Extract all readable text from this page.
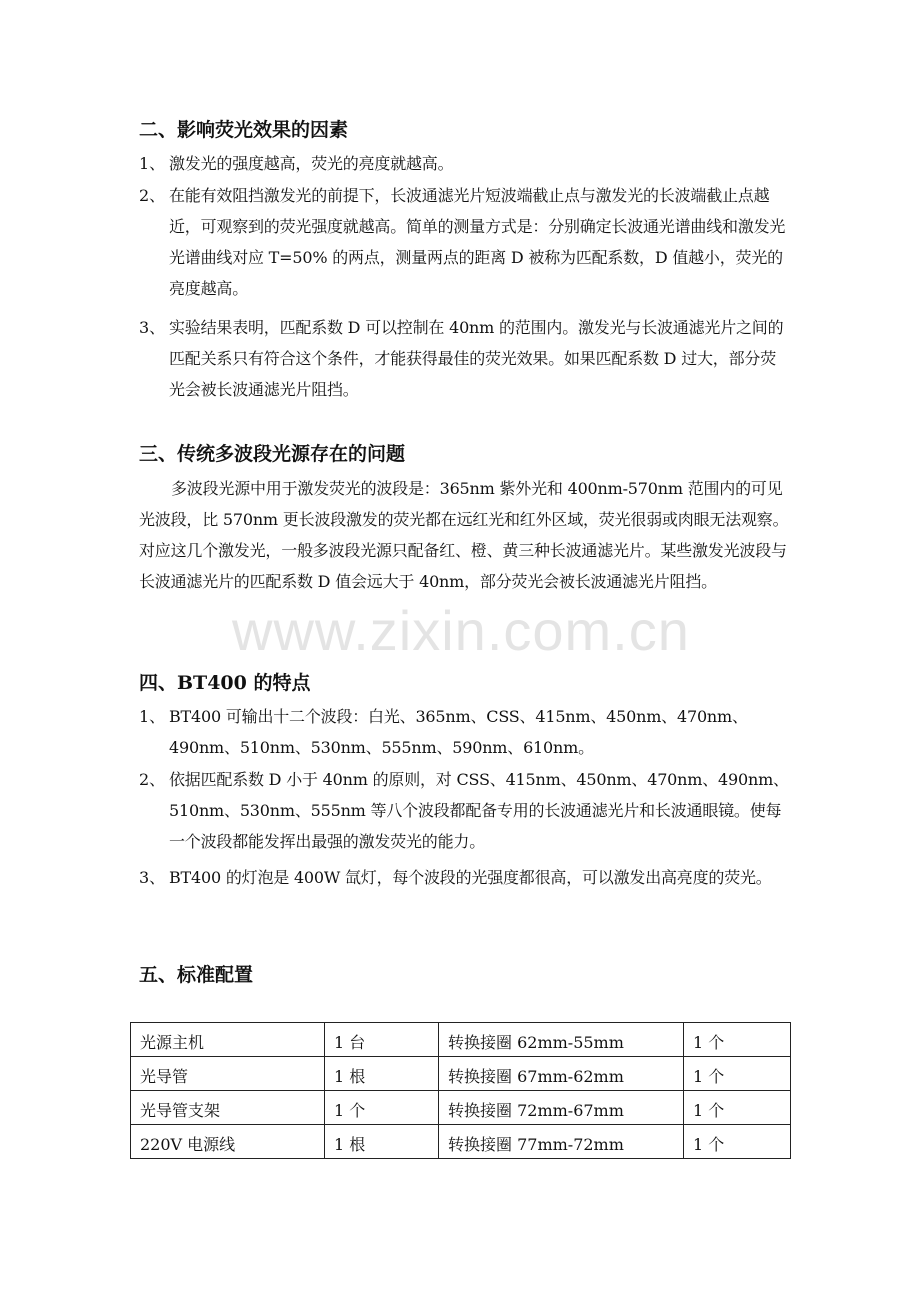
www.zixin.com.cn
二、影响荧光效果的因素
1、 激发光的强度越高，荧光的亮度就越高。
2、 在能有效阻挡激发光的前提下，长波通滤光片短波端截止点与激发光的长波端截止点越近，可观察到的荧光强度就越高。简单的测量方式是：分别确定长波通光谱曲线和激发光光谱曲线对应 T=50% 的两点，测量两点的距离 D 被称为匹配系数，D 值越小，荧光的亮度越高。
3、 实验结果表明，匹配系数 D 可以控制在 40nm 的范围内。激发光与长波通滤光片之间的匹配关系只有符合这个条件，才能获得最佳的荧光效果。如果匹配系数 D 过大，部分荧光会被长波通滤光片阻挡。
三、传统多波段光源存在的问题
多波段光源中用于激发荧光的波段是：365nm 紫外光和 400nm-570nm 范围内的可见光波段，比 570nm 更长波段激发的荧光都在远红光和红外区域，荧光很弱或肉眼无法观察。对应这几个激发光，一般多波段光源只配备红、橙、黄三种长波通滤光片。某些激发光波段与长波通滤光片的匹配系数 D 值会远大于 40nm，部分荧光会被长波通滤光片阻挡。
四、BT400 的特点
1、 BT400 可输出十二个波段：白光、365nm、CSS、415nm、450nm、470nm、490nm、510nm、530nm、555nm、590nm、610nm。
2、 依据匹配系数 D 小于 40nm 的原则，对 CSS、415nm、450nm、470nm、490nm、510nm、530nm、555nm 等八个波段都配备专用的长波通滤光片和长波通眼镜。使每一个波段都能发挥出最强的激发荧光的能力。
3、 BT400 的灯泡是 400W 氙灯，每个波段的光强度都很高，可以激发出高亮度的荧光。
五、标准配置
光源主机	1 台	转换接圈 62mm-55mm	1 个
光导管	1 根	转换接圈 67mm-62mm	1 个
光导管支架	1 个	转换接圈 72mm-67mm	1 个
220V 电源线	1 根	转换接圈 77mm-72mm	1 个
